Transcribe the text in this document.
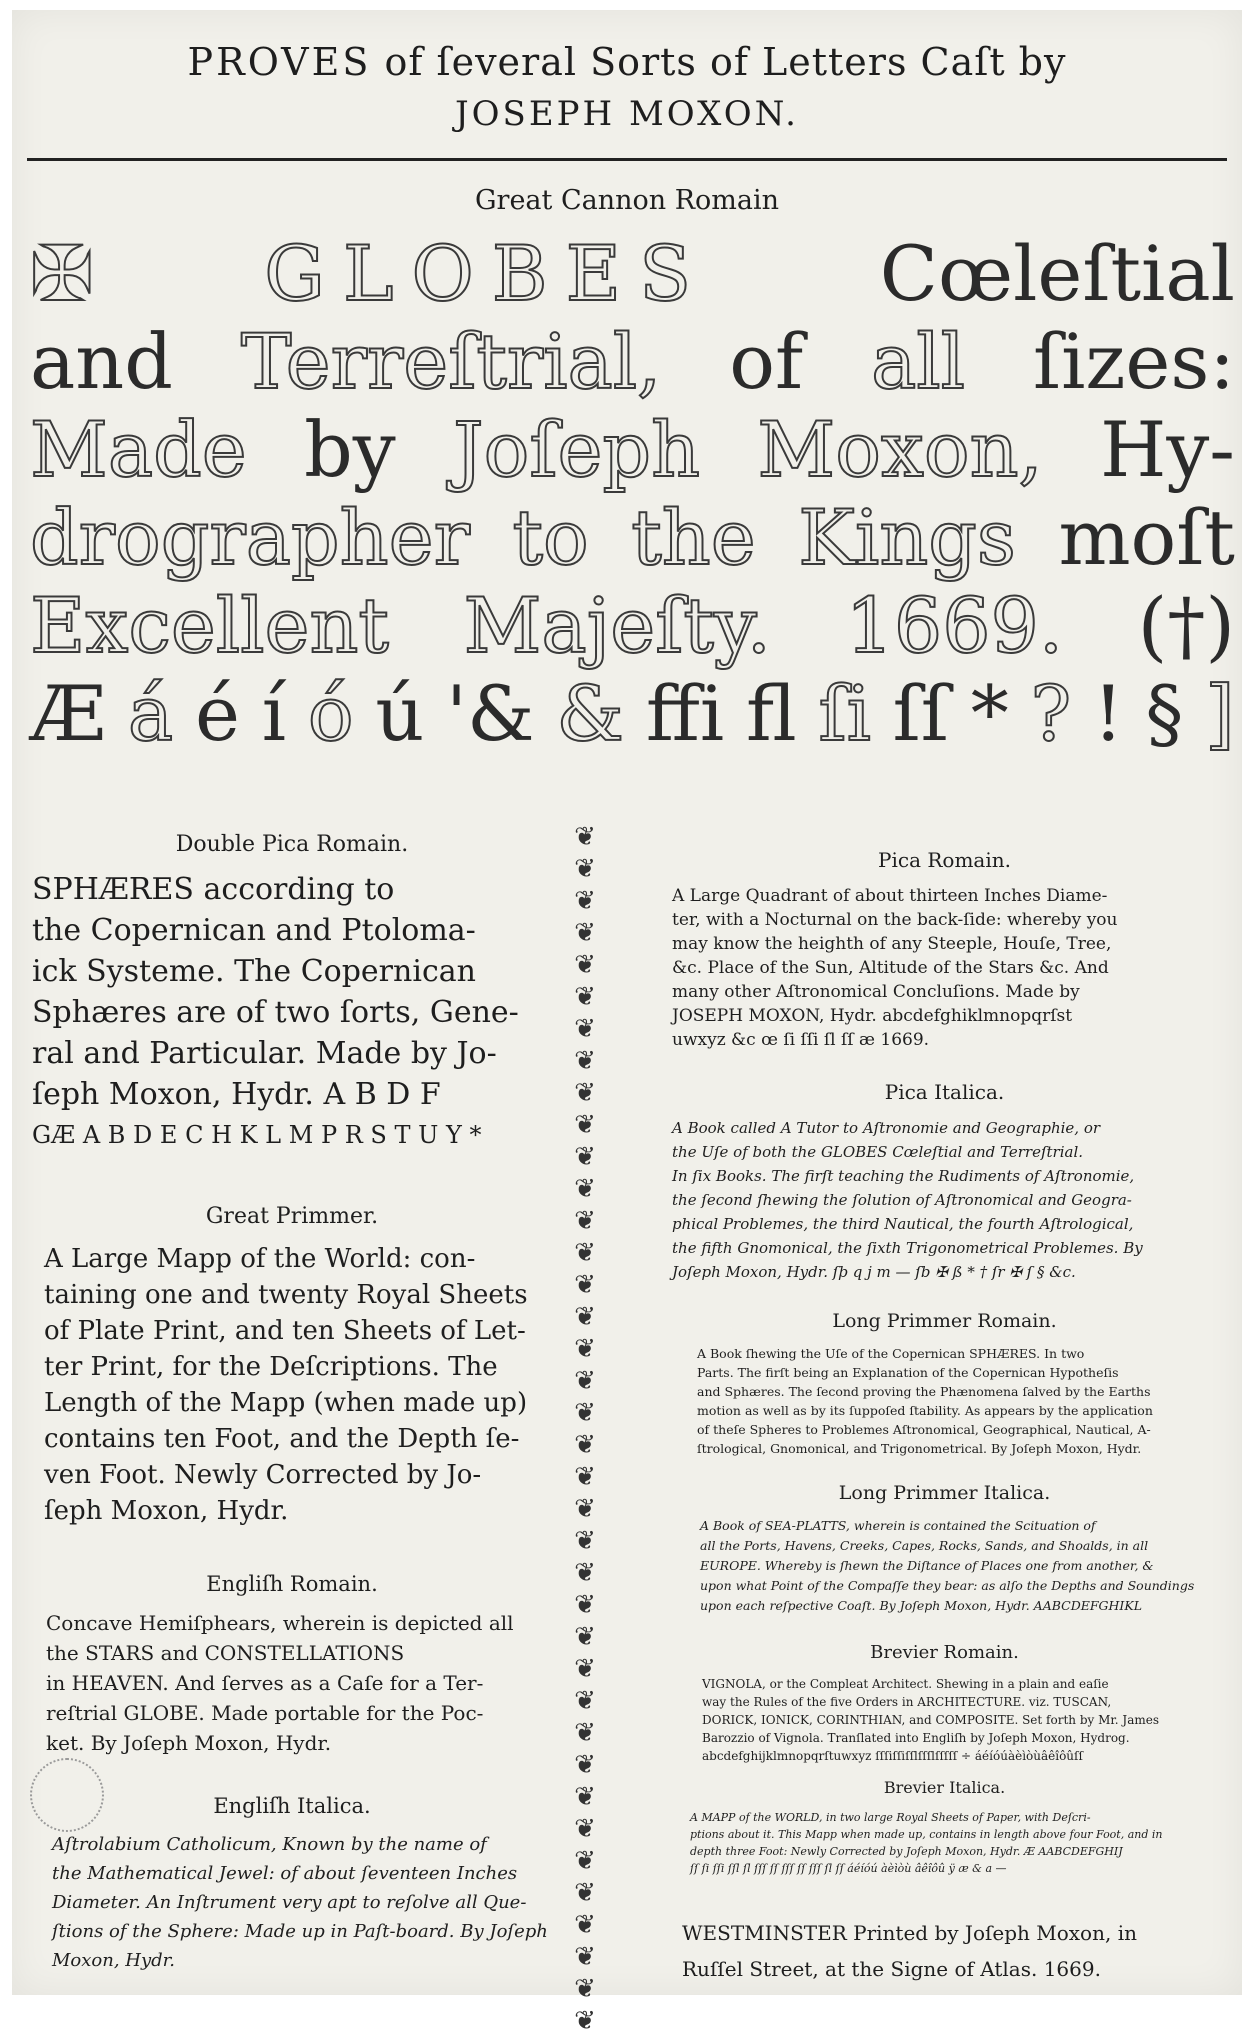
PROVES of ſeveral Sorts of Letters Caſt by
JOSEPH MOXON.
Great Cannon Romain
✠ GLOBES Cœleſtial
and Terreſtrial, of all ſizes:
Made by Joſeph Moxon, Hy-
drographer to the Kings moſt
Excellent Majeſty. 1669. (†)
Æ á é í ó ú '& & ffi fl ſi ſſ * ? ! § ]
Double Pica Romain.
SPHÆRES according to
the Copernican and Ptoloma-
ick Systeme. The Copernican
Sphæres are of two ſorts, Gene-
ral and Particular. Made by Jo-
ſeph Moxon, Hydr. A B D F
GÆ A B D E C H K L M P R S T U Y *
Great Primmer.
A Large Mapp of the World: con-
taining one and twenty Royal Sheets
of Plate Print, and ten Sheets of Let-
ter Print, for the Deſcriptions. The
Length of the Mapp (when made up)
contains ten Foot, and the Depth ſe-
ven Foot. Newly Corrected by Jo-
ſeph Moxon, Hydr.
Engliſh Romain.
Concave Hemiſphears, wherein is depicted all
the STARS and CONSTELLATIONS
in HEAVEN. And ſerves as a Caſe for a Ter-
reſtrial GLOBE. Made portable for the Poc-
ket. By Joſeph Moxon, Hydr.
Engliſh Italica.
Aſtrolabium Catholicum, Known by the name of
the Mathematical Jewel: of about ſeventeen Inches
Diameter. An Inſtrument very apt to reſolve all Que-
ſtions of the Sphere: Made up in Paſt-board. By Joſeph
Moxon, Hydr.
❦
❦
❦
❦
❦
❦
❦
❦
❦
❦
❦
❦
❦
❦
❦
❦
❦
❦
❦
❦
❦
❦
❦
❦
❦
❦
❦
❦
❦
❦
❦
❦
❦
❦
❦
❦
❦
❦
Pica Romain.
A Large Quadrant of about thirteen Inches Diame-
ter, with a Nocturnal on the back-ſide: whereby you
may know the heighth of any Steeple, Houſe, Tree,
&c. Place of the Sun, Altitude of the Stars &c. And
many other Aſtronomical Concluſions. Made by
JOSEPH MOXON, Hydr. abcdefghiklmnopqrſst
uwxyz &c œ ſi ſſi ſl ſſ æ 1669.
Pica Italica.
A Book called A Tutor to Aſtronomie and Geographie, or
the Uſe of both the GLOBES Cœleſtial and Terreſtrial.
In ſix Books. The firſt teaching the Rudiments of Aſtronomie,
the ſecond ſhewing the ſolution of Aſtronomical and Geogra-
phical Problemes, the third Nautical, the fourth Aſtrological,
the fifth Gnomonical, the ſixth Trigonometrical Problemes. By
Joſeph Moxon, Hydr. ſþ q j m — ſb ✠ ß * † ſr ✠ ſ § &c.
Long Primmer Romain.
A Book ſhewing the Uſe of the Copernican SPHÆRES. In two
Parts. The firſt being an Explanation of the Copernican Hypotheſis
and Sphæres. The ſecond proving the Phænomena ſalved by the Earths
motion as well as by its ſuppoſed ſtability. As appears by the application
of theſe Spheres to Problemes Aſtronomical, Geographical, Nautical, A-
ſtrological, Gnomonical, and Trigonometrical. By Joſeph Moxon, Hydr.
Long Primmer Italica.
A Book of SEA-PLATTS, wherein is contained the Scituation of
all the Ports, Havens, Creeks, Capes, Rocks, Sands, and Shoalds, in all
EUROPE. Whereby is ſhewn the Diſtance of Places one from another, &
upon what Point of the Compaſſe they bear: as alſo the Depths and Soundings
upon each reſpective Coaſt. By Joſeph Moxon, Hydr. AABCDEFGHIKL
Brevier Romain.
VIGNOLA, or the Compleat Architect. Shewing in a plain and eaſie
way the Rules of the five Orders in ARCHITECTURE. viz. TUSCAN,
DORICK, IONICK, CORINTHIAN, and COMPOSITE. Set forth by Mr. James
Barozzio of Vignola. Tranſlated into Engliſh by Joſeph Moxon, Hydrog.
abcdefghijklmnopqrſtuwxyz ſſſiſſiſſlſſſlſſſſſ ÷ áéíóúàèìòùâêîôûſſ
Brevier Italica.
A MAPP of the WORLD, in two large Royal Sheets of Paper, with Deſcri-
ptions about it. This Mapp when made up, contains in length above four Foot, and in
depth three Foot: Newly Corrected by Joſeph Moxon, Hydr. Æ AABCDEFGHIJ
ſſ ſi ſſi ſſl ſl ſſſ ſſ ſſſ ſſ ſſſ ſl ſſ áéíóú àèìòù âêîôû ÿ æ & a —
WESTMINSTER Printed by Joſeph Moxon, in
Ruſſel Street, at the Signe of Atlas. 1669.
